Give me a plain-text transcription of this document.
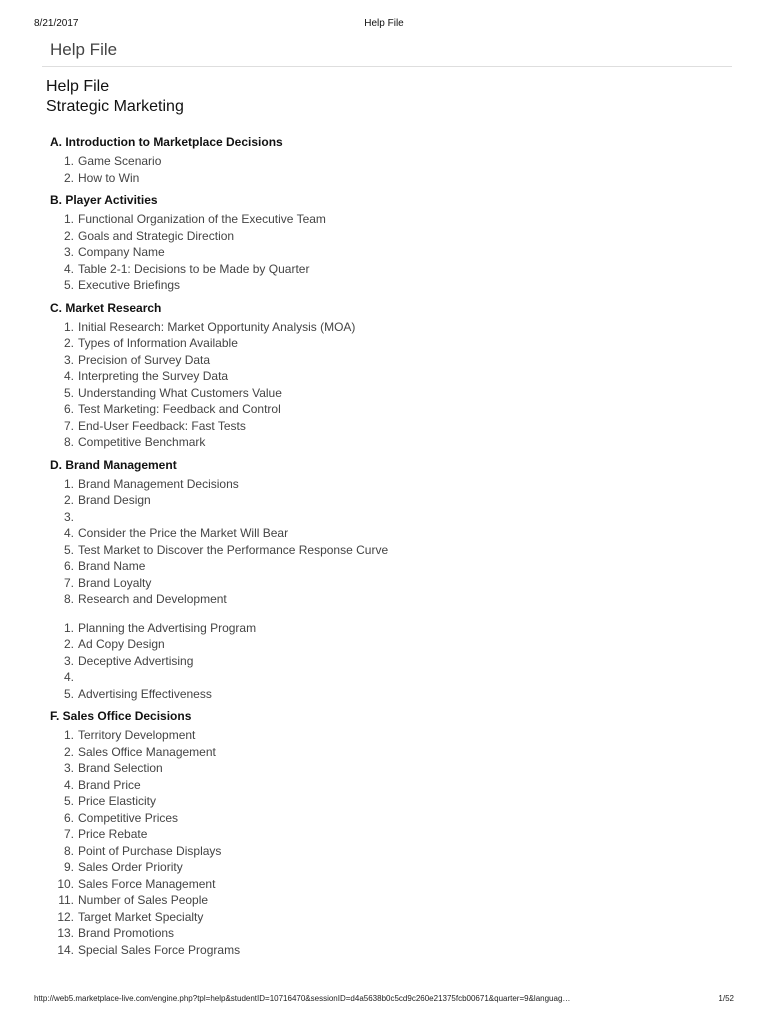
8/21/2017	Help File
Help File
Help File
Strategic Marketing
A. Introduction to Marketplace Decisions
1. Game Scenario
2. How to Win
B. Player Activities
1. Functional Organization of the Executive Team
2. Goals and Strategic Direction
3. Company Name
4. Table 2-1: Decisions to be Made by Quarter
5. Executive Briefings
C. Market Research
1. Initial Research: Market Opportunity Analysis (MOA)
2. Types of Information Available
3. Precision of Survey Data
4. Interpreting the Survey Data
5. Understanding What Customers Value
6. Test Marketing: Feedback and Control
7. End-User Feedback: Fast Tests
8. Competitive Benchmark
D. Brand Management
1. Brand Management Decisions
2. Brand Design
3.
4. Consider the Price the Market Will Bear
5. Test Market to Discover the Performance Response Curve
6. Brand Name
7. Brand Loyalty
8. Research and Development
1. Planning the Advertising Program
2. Ad Copy Design
3. Deceptive Advertising
4.
5. Advertising Effectiveness
F. Sales Office Decisions
1. Territory Development
2. Sales Office Management
3. Brand Selection
4. Brand Price
5. Price Elasticity
6. Competitive Prices
7. Price Rebate
8. Point of Purchase Displays
9. Sales Order Priority
10. Sales Force Management
11. Number of Sales People
12. Target Market Specialty
13. Brand Promotions
14. Special Sales Force Programs
http://web5.marketplace-live.com/engine.php?tpl=help&studentID=10716470&sessionID=d4a5638b0c5cd9c260e21375fcb00671&quarter=9&languag…	1/52
